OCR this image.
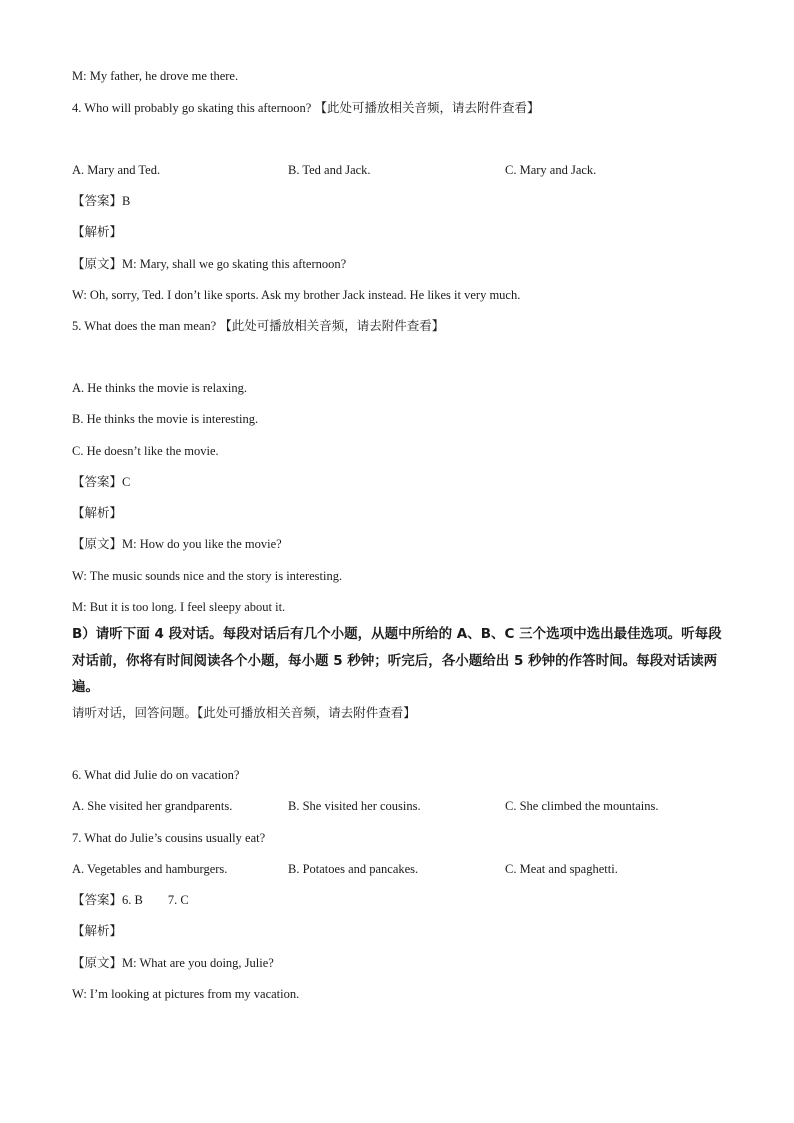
M: My father, he drove me there.
4. Who will probably go skating this afternoon? 【此处可播放相关音频，请去附件查看】
A. Mary and Ted.	B. Ted and Jack.	C. Mary and Jack.
【答案】B
【解析】
【原文】M: Mary, shall we go skating this afternoon?
W: Oh, sorry, Ted. I don’t like sports. Ask my brother Jack instead. He likes it very much.
5. What does the man mean? 【此处可播放相关音频，请去附件查看】
A. He thinks the movie is relaxing.
B. He thinks the movie is interesting.
C. He doesn’t like the movie.
【答案】C
【解析】
【原文】M: How do you like the movie?
W: The music sounds nice and the story is interesting.
M: But it is too long. I feel sleepy about it.
B）请听下面 4 段对话。每段对话后有几个小题，从题中所给的 A、B、C 三个选项中选出最佳选项。听每段对话前，你将有时间阅读各个小题，每小题 5 秒钟；听完后，各小题给出 5 秒钟的作答时间。每段对话读两遍。
请听对话，回答问题。【此处可播放相关音频，请去附件查看】
6. What did Julie do on vacation?
A. She visited her grandparents.	B. She visited her cousins.	C. She climbed the mountains.
7. What do Julie’s cousins usually eat?
A. Vegetables and hamburgers.	B. Potatoes and pancakes.	C. Meat and spaghetti.
【答案】6. B        7. C
【解析】
【原文】M: What are you doing, Julie?
W: I’m looking at pictures from my vacation.
